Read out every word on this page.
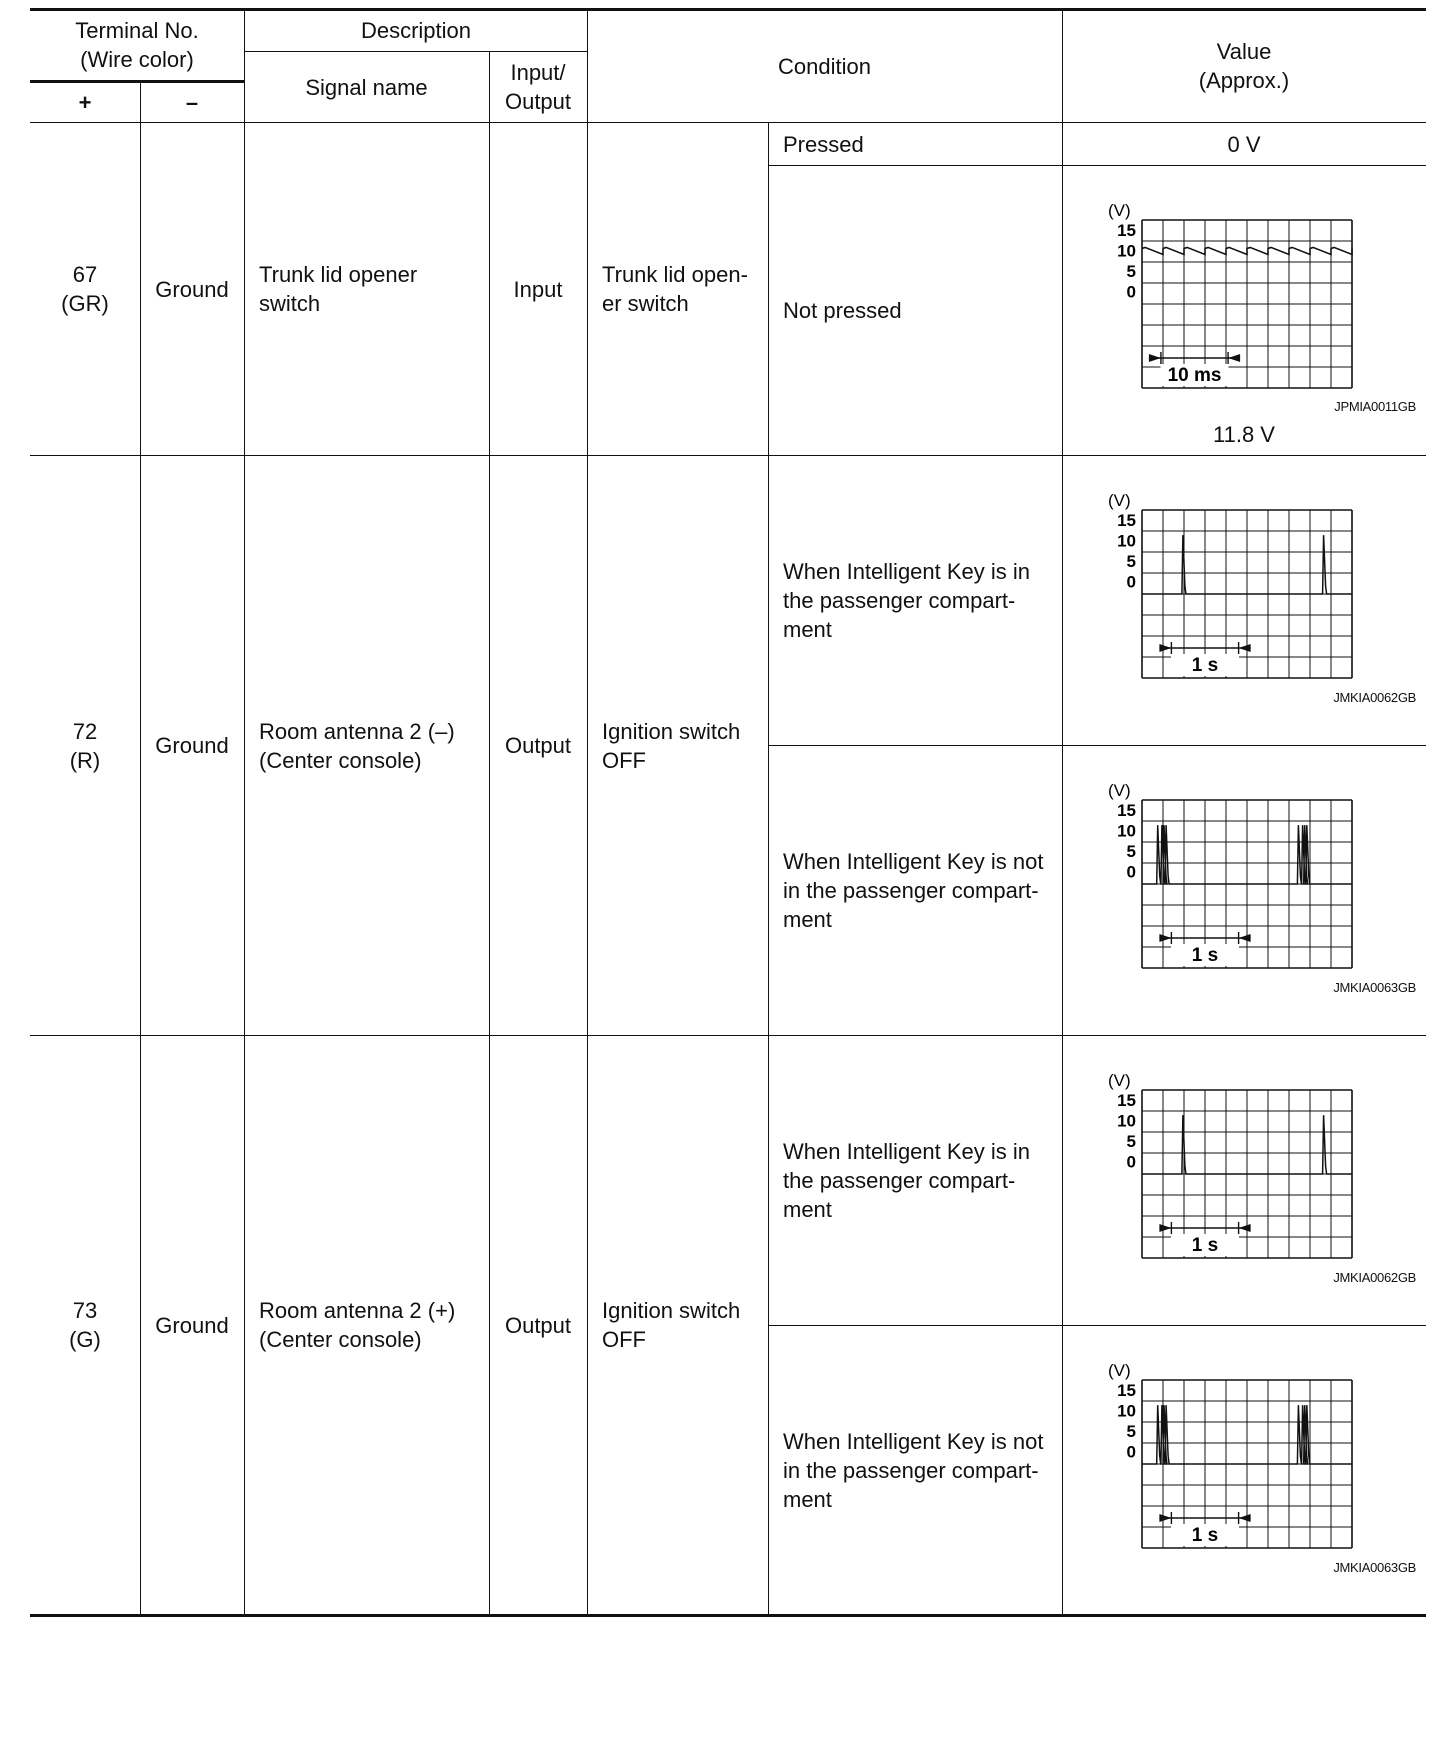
Terminal No.
(Wire color)
+	–
Description
Signal name
Input/
Output
Condition
Value
(Approx.)
67
(GR)
Ground
Trunk lid opener
switch
Input
Trunk lid open-
er switch
Pressed	0 V
Not pressed
72
(R)
Ground
Room antenna 2 (–)
(Center console)
Output
Ignition switch
OFF
When Intelligent Key is in
the passenger compart-
ment
When Intelligent Key is not
in the passenger compart-
ment
73
(G)
Ground
Room antenna 2 (+)
(Center console)
Output
Ignition switch
OFF
When Intelligent Key is in
the passenger compart-
ment
When Intelligent Key is not
in the passenger compart-
ment
(V)
15
10
5
0
10 ms
(V)
15
10
5
0
1 s
(V)
15
10
5
0
1 s
(V)
15
10
5
0
1 s
(V)
15
10
5
0
1 s
JPMIA0011GB
11.8 V
JMKIA0062GB
JMKIA0063GB
JMKIA0062GB
JMKIA0063GB
